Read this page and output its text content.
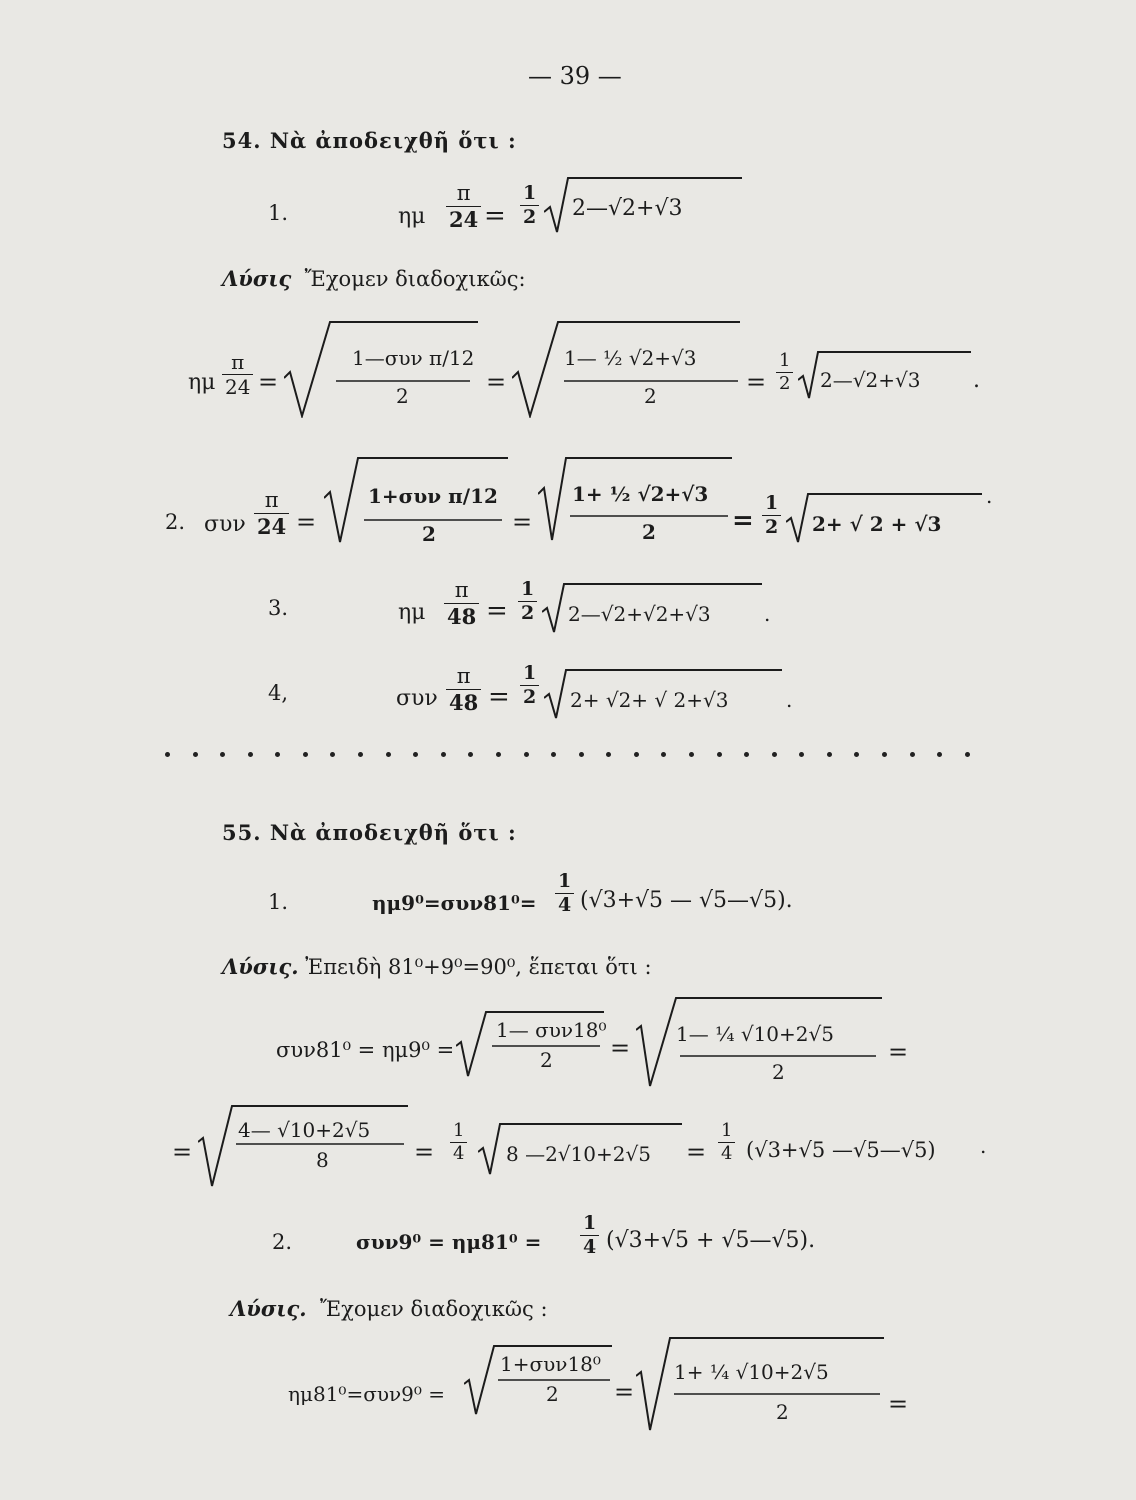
— 39 —
54. Νὰ ἀποδειχθῆ ὅτι :
1.	ημ
π
24 =
1
2 2—√2+√3
Λύσις Ἔχομεν διαδοχικῶς:
ημ
π
24 =
1—συν π/12
2	=
1— ½ √2+√3
2	=
1
2 2—√2+√3 .
2. συν
π
24 =
1+συν π/12
2	=
1+ ½ √2+√3
2	=
1
2 2+ √ 2 + √3
.
3.	ημ
π
48 =
1
2 2—√2+√2+√3	.
4,	συν
π
48 =
1
2 2+ √2+ √ 2+√3	.
55. Νὰ ἀποδειχθῆ ὅτι :
1.	ημ9⁰=συν81⁰=
1
4 (√3+√5 — √5—√5).
Λύσις. Ἐπειδὴ 81⁰+9⁰=90⁰, ἕπεται ὅτι :
συν81⁰ = ημ9⁰ =
1— συν18⁰
2 = 1— ¼ √10+2√5
2
=
=
4— √10+2√5
8	=
1
4 8 —2√10+2√5 =
1
4 (√3+√5 —√5—√5) .
2.	συν9⁰ = ημ81⁰ =
1
4 (√3+√5 + √5—√5).
Λύσις. Ἔχομεν διαδοχικῶς :
ημ81⁰=συν9⁰ =
1+συν18⁰
2 =
1+ ¼ √10+2√5
2	=
